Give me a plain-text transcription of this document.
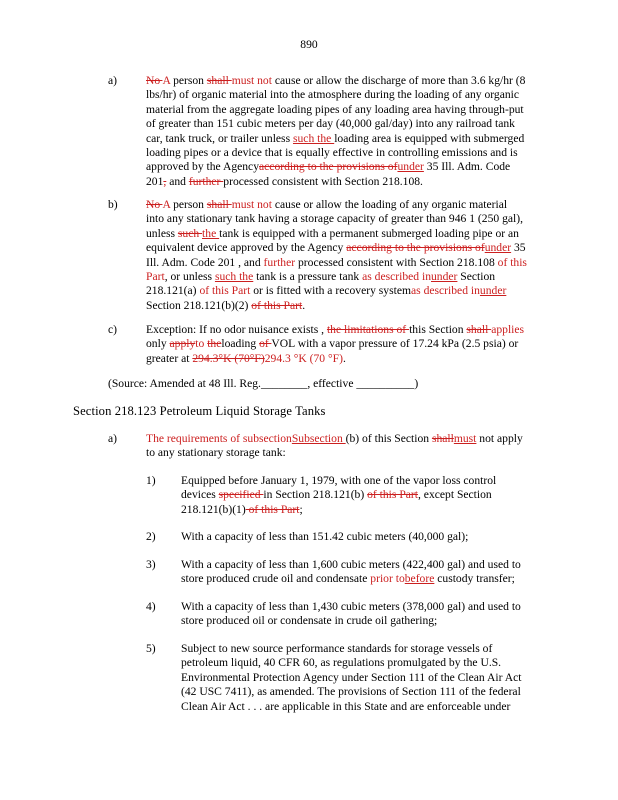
890
a) No A person shall must not cause or allow the discharge of more than 3.6 kg/hr (8
lbs/hr) of organic material into the atmosphere during the loading of any organic
material from the aggregate loading pipes of any loading area having through-put
of greater than 151 cubic meters per day (40,000 gal/day) into any railroad tank
car, tank truck, or trailer unless such the loading area is equipped with submerged
loading pipes or a device that is equally effective in controlling emissions and is
approved by the Agencyaccording to the provisions ofunder 35 Ill. Adm. Code
201, and further processed consistent with Section 218.108.
b) No A person shall must not cause or allow the loading of any organic material
into any stationary tank having a storage capacity of greater than 946 1 (250 gal),
unless such the tank is equipped with a permanent submerged loading pipe or an
equivalent device approved by the Agency according to the provisions ofunder 35
Ill. Adm. Code 201 , and further processed consistent with Section 218.108 of this
Part, or unless such the tank is a pressure tank as described inunder Section
218.121(a) of this Part or is fitted with a recovery systemas described inunder
Section 218.121(b)(2) of this Part.
c) Exception: If no odor nuisance exists , the limitations of this Section shall applies
only applyto theloading of VOL with a vapor pressure of 17.24 kPa (2.5 psia) or
greater at 294.3°K (70°F)294.3 °K (70 °F).
(Source: Amended at 48 Ill. Reg.________, effective __________)
Section 218.123 Petroleum Liquid Storage Tanks
a) The requirements of subsectionSubsection (b) of this Section shallmust not apply
to any stationary storage tank:
1) Equipped before January 1, 1979, with one of the vapor loss control
devices specified in Section 218.121(b) of this Part, except Section
218.121(b)(1) of this Part;
2) With a capacity of less than 151.42 cubic meters (40,000 gal);
3) With a capacity of less than 1,600 cubic meters (422,400 gal) and used to
store produced crude oil and condensate prior tobefore custody transfer;
4) With a capacity of less than 1,430 cubic meters (378,000 gal) and used to
store produced oil or condensate in crude oil gathering;
5) Subject to new source performance standards for storage vessels of
petroleum liquid, 40 CFR 60, as regulations promulgated by the U.S.
Environmental Protection Agency under Section 111 of the Clean Air Act
(42 USC 7411), as amended. The provisions of Section 111 of the federal
Clean Air Act . . . are applicable in this State and are enforceable under
